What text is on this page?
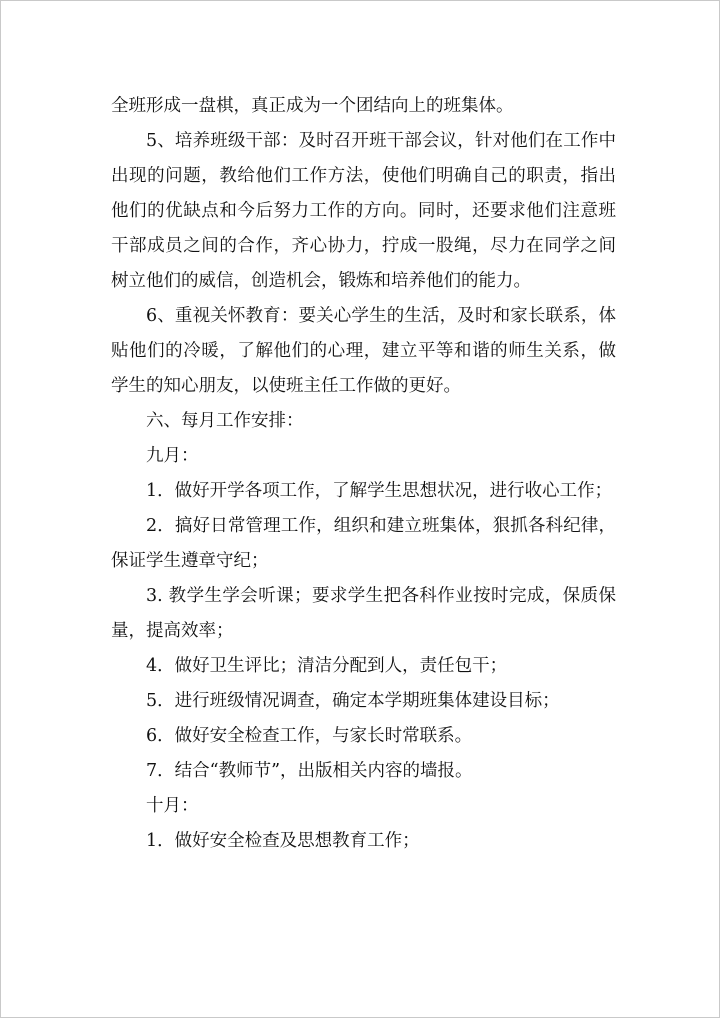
全班形成一盘棋，真正成为一个团结向上的班集体。

5、培养班级干部：及时召开班干部会议，针对他们在工作中出现的问题，教给他们工作方法，使他们明确自己的职责，指出他们的优缺点和今后努力工作的方向。同时，还要求他们注意班干部成员之间的合作，齐心协力，拧成一股绳，尽力在同学之间树立他们的威信，创造机会，锻炼和培养他们的能力。

6、重视关怀教育：要关心学生的生活，及时和家长联系，体贴他们的冷暖，了解他们的心理，建立平等和谐的师生关系，做学生的知心朋友，以使班主任工作做的更好。

六、每月工作安排：

九月：

1．做好开学各项工作，了解学生思想状况，进行收心工作；

2．搞好日常管理工作，组织和建立班集体，狠抓各科纪律，保证学生遵章守纪；

3. 教学生学会听课；要求学生把各科作业按时完成，保质保量，提高效率；

4．做好卫生评比；清洁分配到人，责任包干；

5．进行班级情况调查，确定本学期班集体建设目标；

6．做好安全检查工作，与家长时常联系。

7．结合“教师节”，出版相关内容的墙报。

十月：

1．做好安全检查及思想教育工作；
